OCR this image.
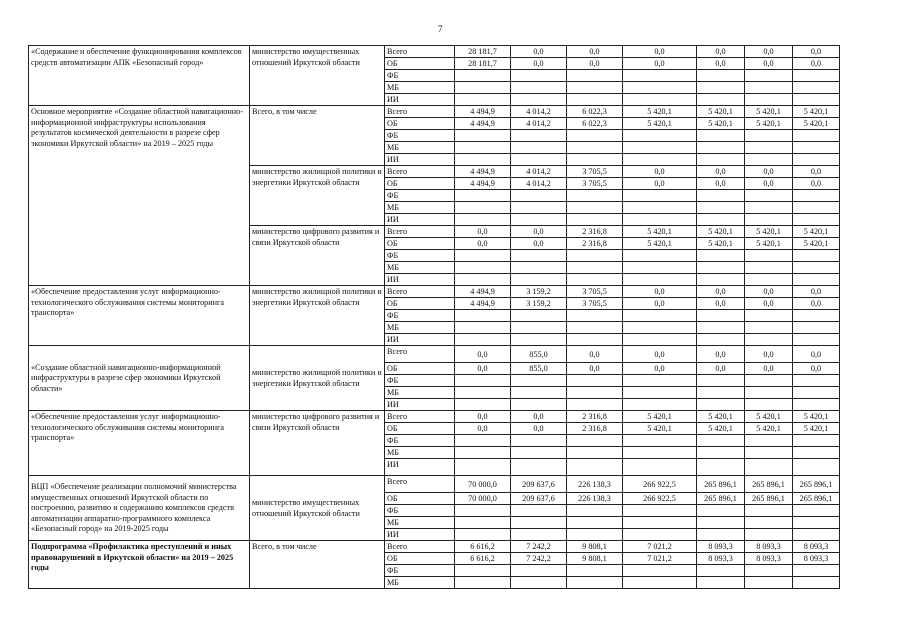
7
«Содержание и обеспечение функционирования комплексов средств автоматизации АПК «Безопасный город»	министерство имущественных отношений Иркутской области	Всего	28 181,7	0,0	0,0	0,0	0,0	0,0	0,0
		ОБ	28 181,7	0,0	0,0	0,0	0,0	0,0	0,0
		ФБ							
		МБ							
		ИИ							
Основное мероприятие «Создание областной навигационно-информационной инфраструктуры использования результатов космической деятельности в разрезе сфер экономики Иркутской области» на 2019 – 2025 годы	Всего, в том числе	Всего	4 494,9	4 014,2	6 022,3	5 420,1	5 420,1	5 420,1	5 420,1
		ОБ	4 494,9	4 014,2	6 022,3	5 420,1	5 420,1	5 420,1	5 420,1
		ФБ							
		МБ							
		ИИ							
	министерство жилищной политики и энергетики Иркутской области	Всего	4 494,9	4 014,2	3 705,5	0,0	0,0	0,0	0,0
		ОБ	4 494,9	4 014,2	3 705,5	0,0	0,0	0,0	0,0
		ФБ							
		МБ							
		ИИ							
	министерство цифрового развития и связи Иркутской области	Всего	0,0	0,0	2 316,8	5 420,1	5 420,1	5 420,1	5 420,1
		ОБ	0,0	0,0	2 316,8	5 420,1	5 420,1	5 420,1	5 420,1
		ФБ							
		МБ							
		ИИ							
«Обеспечение предоставления услуг информационно-технологического обслуживания системы мониторинга транспорта»	министерство жилищной политики и энергетики Иркутской области	Всего	4 494,9	3 159,2	3 705,5	0,0	0,0	0,0	0,0
		ОБ	4 494,9	3 159,2	3 705,5	0,0	0,0	0,0	0,0
		ФБ							
		МБ							
		ИИ							
«Создание областной навигационно-информационной инфраструктуры в разрезе сфер экономики Иркутской области»	министерство жилищной политики и энергетики Иркутской области	Всего	0,0	855,0	0,0	0,0	0,0	0,0	0,0
		ОБ	0,0	855,0	0,0	0,0	0,0	0,0	0,0
		ФБ							
		МБ							
		ИИ							
«Обеспечение предоставления услуг информационно-технологического обслуживания системы мониторинга транспорта»	министерство цифрового развития и связи Иркутской области	Всего	0,0	0,0	2 316,8	5 420,1	5 420,1	5 420,1	5 420,1
		ОБ	0,0	0,0	2 316,8	5 420,1	5 420,1	5 420,1	5 420,1
		ФБ							
		МБ							
		ИИ							
ВЦП «Обеспечение реализации полномочий министерства имущественных отношений Иркутской области по построению, развитию и содержанию комплексов средств автоматизации аппаратно-программного комплекса «Безопасный город» на 2019-2025 годы	министерство имущественных отношений Иркутской области	Всего	70 000,0	209 637,6	226 138,3	266 922,5	265 896,1	265 896,1	265 896,1
		ОБ	70 000,0	209 637,6	226 138,3	266 922,5	265 896,1	265 896,1	265 896,1
		ФБ							
		МБ							
		ИИ							
Подпрограмма «Профилактика преступлений и иных правонарушений в Иркутской области» на 2019 – 2025 годы	Всего, в том числе	Всего	6 616,2	7 242,2	9 808,1	7 021,2	8 093,3	8 093,3	8 093,3
		ОБ	6 616,2	7 242,2	9 808,1	7 021,2	8 093,3	8 093,3	8 093,3
		ФБ							
		МБ							
